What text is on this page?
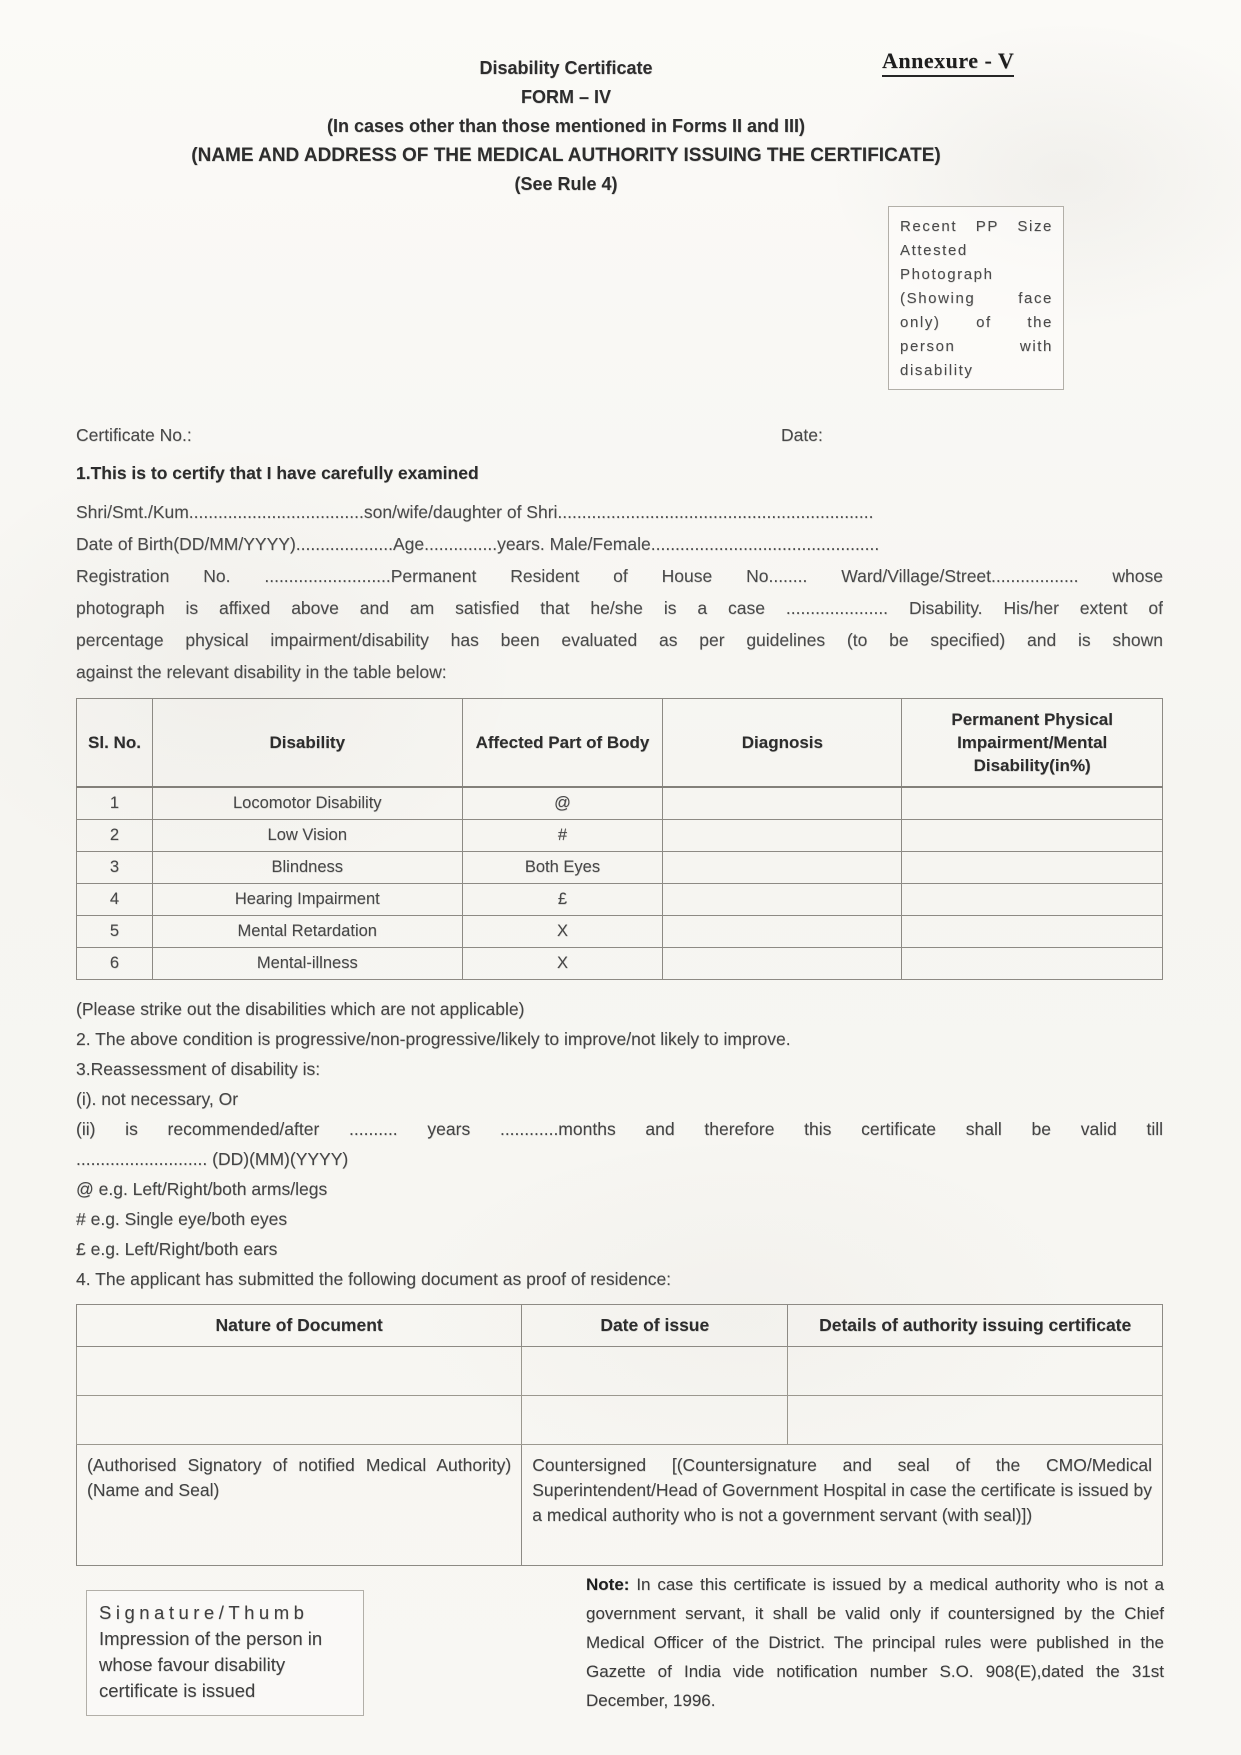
Annexure - V
Recent PP Size Attested Photograph (Showing face only) of the person with disability
Disability Certificate
FORM – IV
(In cases other than those mentioned in Forms II and III)
(NAME AND ADDRESS OF THE MEDICAL AUTHORITY ISSUING THE CERTIFICATE)
(See Rule 4)
Certificate No.:	Date:
1.This is to certify that I have carefully examined
Shri/Smt./Kum....................................son/wife/daughter of Shri.................................................................
Date of Birth(DD/MM/YYYY)....................Age...............years. Male/Female...............................................
Registration No. ..........................Permanent Resident of House No........ Ward/Village/Street.................. whose
photograph is affixed above and am satisfied that he/she is a case ..................... Disability. His/her extent of
percentage physical impairment/disability has been evaluated as per guidelines (to be specified) and is shown
against the relevant disability in the table below:
Sl. No.	Disability	Affected Part of Body	Diagnosis	Permanent Physical Impairment/Mental Disability(in%)
1	Locomotor Disability	@		
2	Low Vision	#		
3	Blindness	Both Eyes		
4	Hearing Impairment	£		
5	Mental Retardation	X		
6	Mental-illness	X		
(Please strike out the disabilities which are not applicable)
2. The above condition is progressive/non-progressive/likely to improve/not likely to improve.
3.Reassessment of disability is:
(i). not necessary, Or
(ii) is recommended/after .......... years ............months and therefore this certificate shall be valid till
........................... (DD)(MM)(YYYY)
@ e.g. Left/Right/both arms/legs
# e.g. Single eye/both eyes
£ e.g. Left/Right/both ears
4. The applicant has submitted the following document as proof of residence:
Nature of Document	Date of issue	Details of authority issuing certificate

(Authorised Signatory of notified Medical Authority) (Name and Seal)	Countersigned [(Countersignature and seal of the CMO/Medical Superintendent/Head of Government Hospital in case the certificate is issued by a medical authority who is not a government servant (with seal)])	
Signature/Thumb
Impression of the person in whose favour disability certificate is issued
Note: In case this certificate is issued by a medical authority who is not a government servant, it shall be valid only if countersigned by the Chief Medical Officer of the District. The principal rules were published in the Gazette of India vide notification number S.O. 908(E),dated the 31st December, 1996.
